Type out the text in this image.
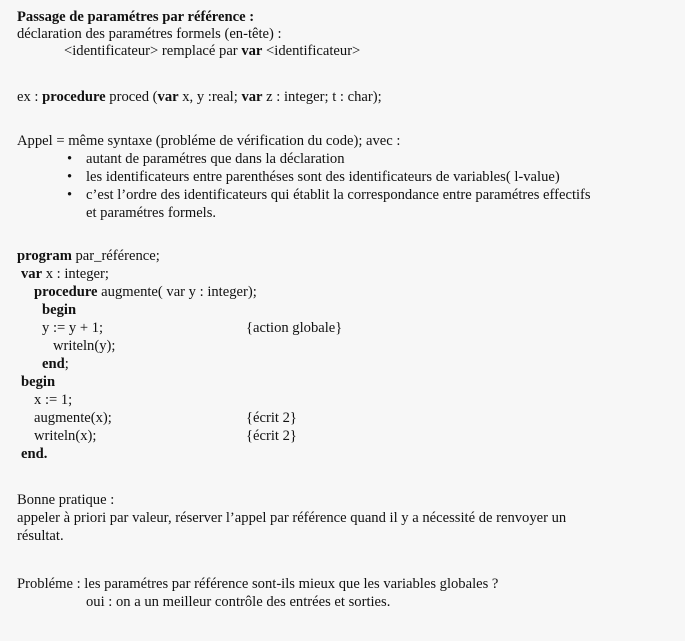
Passage de paramétres par référence :
déclaration des paramétres formels (en-tête) :
<identificateur> remplacé par var <identificateur>
ex : procedure proced (var x, y :real; var z : integer; t : char);
Appel = même syntaxe (probléme de vérification du code); avec :
• autant de paramétres que dans la déclaration
• les identificateurs entre parenthéses sont des identificateurs de variables( l-value)
• c’est l’ordre des identificateurs qui établit la correspondance entre paramétres effectifs
et paramétres formels.
program par_référence;
var x : integer;
procedure augmente( var y : integer);
begin
y := y + 1;	{action globale}
writeln(y);
end;
begin
x := 1;
augmente(x);	{écrit 2}
writeln(x);	{écrit 2}
end.
Bonne pratique :
appeler à priori par valeur, réserver l’appel par référence quand il y a nécessité de renvoyer un
résultat.
Probléme : les paramétres par référence sont-ils mieux que les variables globales ?
oui : on a un meilleur contrôle des entrées et sorties.
